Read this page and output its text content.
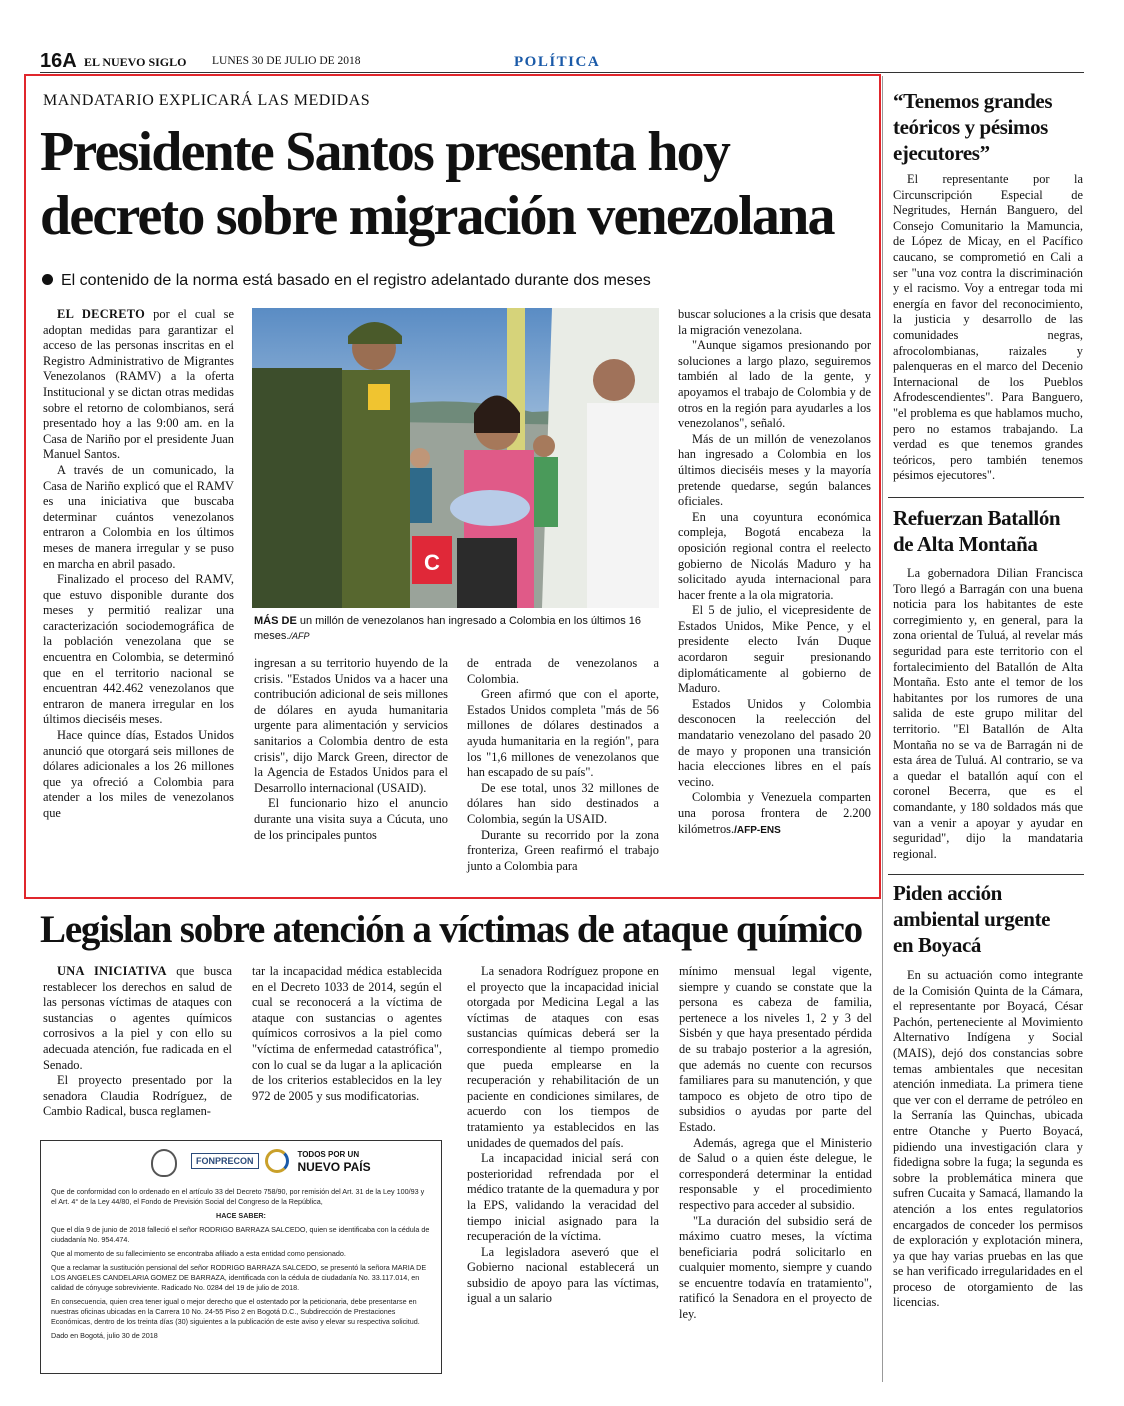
16A EL NUEVO SIGLO LUNES 30 DE JULIO DE 2018	POLÍTICA
MANDATARIO EXPLICARÁ LAS MEDIDAS
Presidente Santos presenta hoy
decreto sobre migración venezolana
El contenido de la norma está basado en el registro adelantado durante dos meses

EL DECRETO por el cual se adoptan medidas para garantizar el acceso de las personas inscritas en el Registro Administrativo de Migrantes Venezolanos (RAMV) a la oferta Institucional y se dictan otras medidas sobre el retorno de colombianos, será presentado hoy a las 9:00 am. en la Casa de Nariño por el presidente Juan Manuel Santos.

A través de un comunicado, la Casa de Nariño explicó que el RAMV es una iniciativa que buscaba determinar cuántos venezolanos entraron a Colombia en los últimos meses de manera irregular y se puso en marcha en abril pasado.

Finalizado el proceso del RAMV, que estuvo disponible durante dos meses y permitió realizar una caracterización sociodemográfica de la población venezolana que se encuentra en Colombia, se determinó que en el territorio nacional se encuentran 442.462 venezolanos que entraron de manera irregular en los últimos dieciséis meses.

Hace quince días, Estados Unidos anunció que otorgará seis millones de dólares adicionales a los 26 millones que ya ofreció a Colombia para atender a los miles de venezolanos que

C
MÁS DE un millón de venezolanos han ingresado a Colombia en los últimos 16 meses./AFP

ingresan a su territorio huyendo de la crisis. "Estados Unidos va a hacer una contribución adicional de seis millones de dólares en ayuda humanitaria urgente para alimentación y servicios sanitarios a Colombia dentro de esta crisis", dijo Marck Green, director de la Agencia de Estados Unidos para el Desarrollo internacional (USAID).

El funcionario hizo el anuncio durante una visita suya a Cúcuta, uno de los principales puntos

de entrada de venezolanos a Colombia.

Green afirmó que con el aporte, Estados Unidos completa "más de 56 millones de dólares destinados a ayuda humanitaria en la región", para los "1,6 millones de venezolanos que han escapado de su país".

De ese total, unos 32 millones de dólares han sido destinados a Colombia, según la USAID.

Durante su recorrido por la zona fronteriza, Green reafirmó el trabajo junto a Colombia para

buscar soluciones a la crisis que desata la migración venezolana.

"Aunque sigamos presionando por soluciones a largo plazo, seguiremos también al lado de la gente, y apoyamos el trabajo de Colombia y de otros en la región para ayudarles a los venezolanos", señaló.

Más de un millón de venezolanos han ingresado a Colombia en los últimos dieciséis meses y la mayoría pretende quedarse, según balances oficiales.

En una coyuntura económica compleja, Bogotá encabeza la oposición regional contra el reelecto gobierno de Nicolás Maduro y ha solicitado ayuda internacional para hacer frente a la ola migratoria.

El 5 de julio, el vicepresidente de Estados Unidos, Mike Pence, y el presidente electo Iván Duque acordaron seguir presionando diplomáticamente al gobierno de Maduro.

Estados Unidos y Colombia desconocen la reelección del mandatario venezolano del pasado 20 de mayo y proponen una transición hacia elecciones libres en el país vecino.

Colombia y Venezuela comparten una porosa frontera de 2.200 kilómetros./AFP-ENS

“Tenemos grandes teóricos y pésimos ejecutores”

El representante por la Circunscripción Especial de Negritudes, Hernán Banguero, del Consejo Comunitario la Mamuncia, de López de Micay, en el Pacífico caucano, se comprometió en Cali a ser "una voz contra la discriminación y el racismo. Voy a entregar toda mi energía en favor del reconocimiento, la justicia y desarrollo de las comunidades negras, afrocolombianas, raizales y palenqueras en el marco del Decenio Internacional de los Pueblos Afrodescendientes". Para Banguero, "el problema es que hablamos mucho, pero no estamos trabajando. La verdad es que tenemos grandes teóricos, pero también tenemos pésimos ejecutores".

Refuerzan Batallón de Alta Montaña

La gobernadora Dilian Francisca Toro llegó a Barragán con una buena noticia para los habitantes de este corregimiento y, en general, para la zona oriental de Tuluá, al revelar más seguridad para este territorio con el fortalecimiento del Batallón de Alta Montaña. Esto ante el temor de los habitantes por los rumores de una salida de este grupo militar del territorio. "El Batallón de Alta Montaña no se va de Barragán ni de esta área de Tuluá. Al contrario, se va a quedar el batallón aquí con el coronel Becerra, que es el comandante, y 180 soldados más que van a venir a apoyar y ayudar en seguridad", dijo la mandataria regional.

Piden acción ambiental urgente en Boyacá

En su actuación como integrante de la Comisión Quinta de la Cámara, el representante por Boyacá, César Pachón, perteneciente al Movimiento Alternativo Indígena y Social (MAIS), dejó dos constancias sobre temas ambientales que necesitan atención inmediata. La primera tiene que ver con el derrame de petróleo en la Serranía las Quinchas, ubicada entre Otanche y Puerto Boyacá, pidiendo una investigación clara y fidedigna sobre la fuga; la segunda es sobre la problemática minera que sufren Cucaita y Samacá, llamando la atención a los entes regulatorios encargados de conceder los permisos de exploración y explotación minera, ya que hay varias pruebas en las que se han verificado irregularidades en el proceso de otorgamiento de las licencias.

Legislan sobre atención a víctimas de ataque químico

UNA INICIATIVA que busca restablecer los derechos en salud de las personas víctimas de ataques con sustancias o agentes químicos corrosivos a la piel y con ello su adecuada atención, fue radicada en el Senado.

El proyecto presentado por la senadora Claudia Rodríguez, de Cambio Radical, busca reglamen-

tar la incapacidad médica establecida en el Decreto 1033 de 2014, según el cual se reconocerá a la víctima de ataque con sustancias o agentes químicos corrosivos a la piel como "víctima de enfermedad catastrófica", con lo cual se da lugar a la aplicación de los criterios establecidos en la ley 972 de 2005 y sus modificatorias.

La senadora Rodríguez propone en el proyecto que la incapacidad inicial otorgada por Medicina Legal a las víctimas de ataques con esas sustancias químicas deberá ser la correspondiente al tiempo promedio que pueda emplearse en la recuperación y rehabilitación de un paciente en condiciones similares, de acuerdo con los tiempos de tratamiento ya establecidos en las unidades de quemados del país.

La incapacidad inicial será con posterioridad refrendada por el médico tratante de la quemadura y por la EPS, validando la veracidad del tiempo inicial asignado para la recuperación de la víctima.

La legisladora aseveró que el Gobierno nacional establecerá un subsidio de apoyo para las víctimas, igual a un salario

mínimo mensual legal vigente, siempre y cuando se constate que la persona es cabeza de familia, pertenece a los niveles 1, 2 y 3 del Sisbén y que haya presentado pérdida de su trabajo posterior a la agresión, que además no cuente con recursos familiares para su manutención, y que tampoco es objeto de otro tipo de subsidios o ayudas por parte del Estado.

Además, agrega que el Ministerio de Salud o a quien éste delegue, le corresponderá determinar la entidad responsable y el procedimiento respectivo para acceder al subsidio.

"La duración del subsidio será de máximo cuatro meses, la víctima beneficiaria podrá solicitarlo en cualquier momento, siempre y cuando se encuentre todavía en tratamiento", ratificó la Senadora en el proyecto de ley.

FONPRECON

TODOS POR UN
NUEVO PAÍS

Que de conformidad con lo ordenado en el artículo 33 del Decreto 758/90, por remisión del Art. 31 de la Ley 100/93 y el Art. 4° de la Ley 44/80, el Fondo de Previsión Social del Congreso de la República,

HACE SABER:

Que el día 9 de junio de 2018 falleció el señor RODRIGO BARRAZA SALCEDO, quien se identificaba con la cédula de ciudadanía No. 954.474.

Que al momento de su fallecimiento se encontraba afiliado a esta entidad como pensionado.

Que a reclamar la sustitución pensional del señor RODRIGO BARRAZA SALCEDO, se presentó la señora MARIA DE LOS ANGELES CANDELARIA GOMEZ DE BARRAZA, identificada con la cédula de ciudadanía No. 33.117.014, en calidad de cónyuge sobreviviente. Radicado No. 0284 del 19 de julio de 2018.

En consecuencia, quien crea tener igual o mejor derecho que el ostentado por la peticionaria, debe presentarse en nuestras oficinas ubicadas en la Carrera 10 No. 24-55 Piso 2 en Bogotá D.C., Subdirección de Prestaciones Económicas, dentro de los treinta días (30) siguientes a la publicación de este aviso y elevar su respectiva solicitud.

Dado en Bogotá, julio 30 de 2018
